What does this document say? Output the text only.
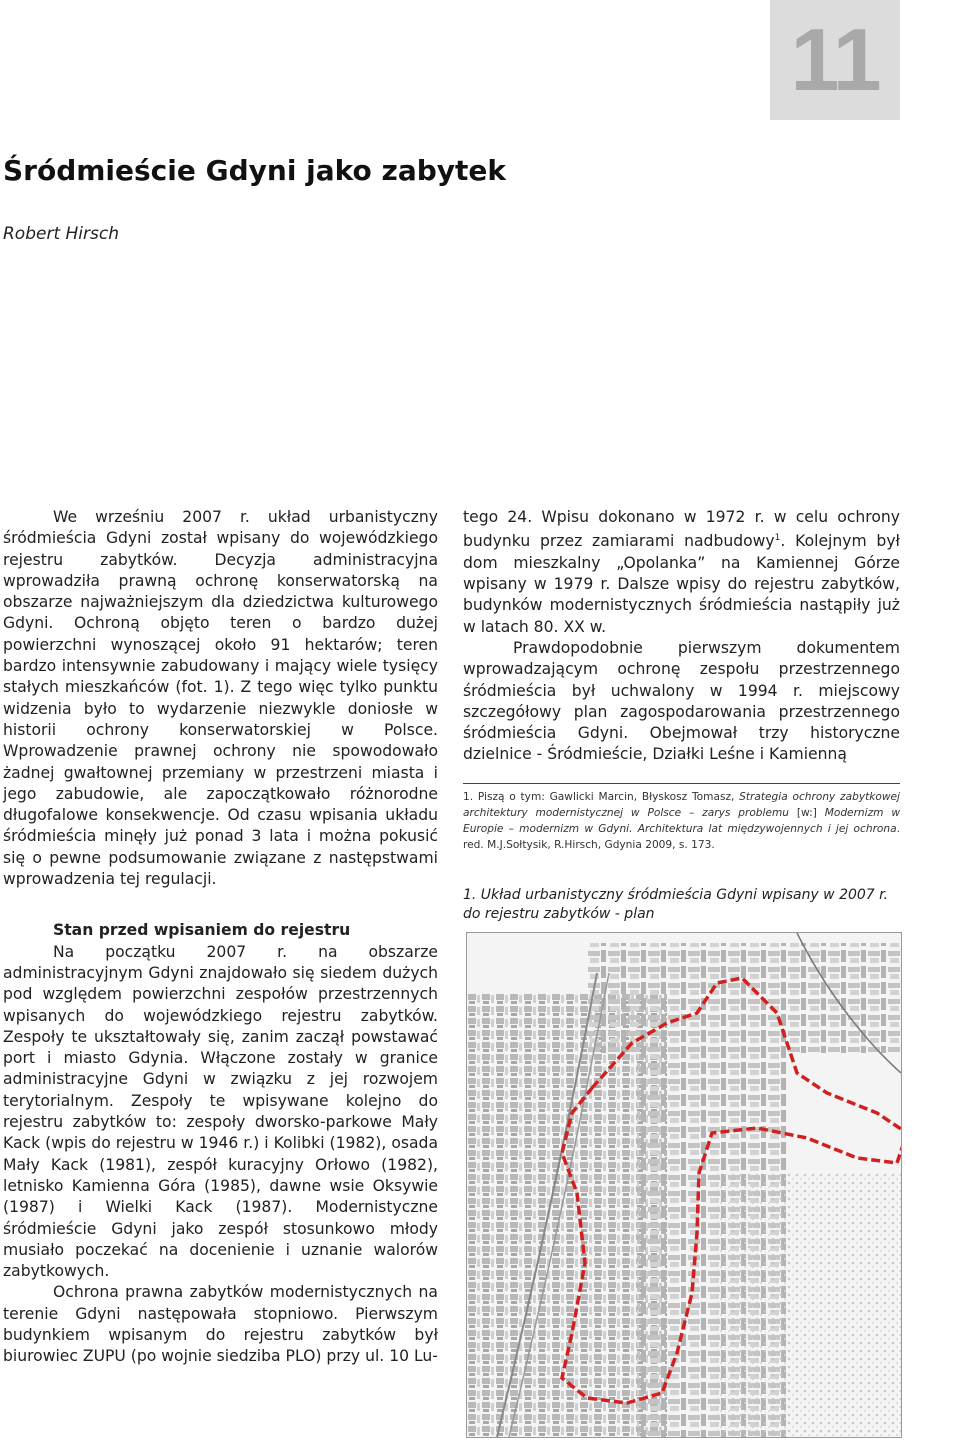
11
Śródmieście Gdyni jako zabytek
Robert Hirsch

We wrześniu 2007 r. układ urbanistyczny śródmieścia Gdyni został wpisany do wojewódzkiego rejestru zabytków. Decyzja administracyjna wprowadziła prawną ochronę konserwatorską na obszarze najważniejszym dla dziedzictwa kulturowego Gdyni. Ochroną objęto teren o bardzo dużej powierzchni wynoszącej około 91 hektarów; teren bardzo intensywnie zabudowany i mający wiele tysięcy stałych mieszkańców (fot. 1). Z tego więc tylko punktu widzenia było to wydarzenie niezwykle doniosłe w historii ochrony konserwatorskiej w Polsce. Wprowadzenie prawnej ochrony nie spowodowało żadnej gwałtownej przemiany w przestrzeni miasta i jego zabudowie, ale zapoczątkowało różnorodne długofalowe konsekwencje. Od czasu wpisania układu śródmieścia minęły już ponad 3 lata i można pokusić się o pewne podsumowanie związane z następstwami wprowadzenia tej regulacji.

Stan przed wpisaniem do rejestru

Na początku 2007 r. na obszarze administracyjnym Gdyni znajdowało się siedem dużych pod względem powierzchni zespołów przestrzennych wpisanych do wojewódzkiego rejestru zabytków. Zespoły te ukształtowały się, zanim zaczął powstawać port i miasto Gdynia. Włączone zostały w granice administracyjne Gdyni w związku z jej rozwojem terytorialnym. Zespoły te wpisywane kolejno do rejestru zabytków to: zespoły dworsko-parkowe Mały Kack (wpis do rejestru w 1946 r.) i Kolibki (1982), osada Mały Kack (1981), zespół kuracyjny Orłowo (1982), letnisko Kamienna Góra (1985), dawne wsie Oksywie (1987) i Wielki Kack (1987). Modernistyczne śródmieście Gdyni jako zespół stosunkowo młody musiało poczekać na docenienie i uznanie walorów zabytkowych.

Ochrona prawna zabytków modernistycznych na terenie Gdyni następowała stopniowo. Pierwszym budynkiem wpisanym do rejestru zabytków był biurowiec ZUPU (po wojnie siedziba PLO) przy ul. 10 Lu-

tego 24. Wpisu dokonano w 1972 r. w celu ochrony budynku przez zamiarami nadbudowy$^1$. Kolejnym był dom mieszkalny „Opolanka” na Kamiennej Górze wpisany w 1979 r. Dalsze wpisy do rejestru zabytków, budynków modernistycznych śródmieścia nastąpiły już w latach 80. XX w.

Prawdopodobnie pierwszym dokumentem wprowadzającym ochronę zespołu przestrzennego śródmieścia był uchwalony w 1994 r. miejscowy szczegółowy plan zagospodarowania przestrzennego śródmieścia Gdyni. Obejmował trzy historyczne dzielnice - Śródmieście, Działki Leśne i Kamienną

1. Piszą o tym: Gawlicki Marcin, Błyskosz Tomasz, Strategia ochrony zabytkowej architektury modernistycznej w Polsce – zarys problemu [w:] Modernizm w Europie – modernizm w Gdyni. Architektura lat międzywojennych i jej ochrona. red. M.J.Sołtysik, R.Hirsch, Gdynia 2009, s. 173.
1. Układ urbanistyczny śródmieścia Gdyni wpisany w 2007 r.
do rejestru zabytków - plan
